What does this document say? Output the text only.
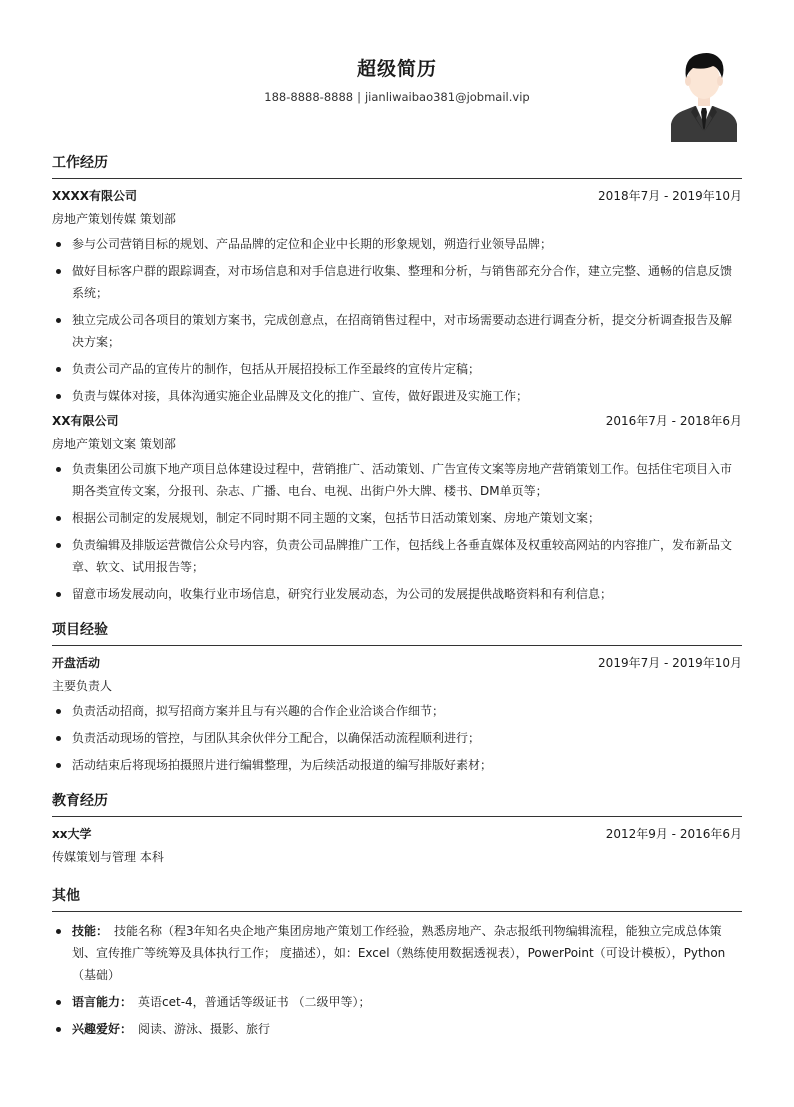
超级简历
188-8888-8888 | jianliwaibao381@jobmail.vip
工作经历
XXXX有限公司	2018年7月 - 2019年10月
房地产策划传媒 策划部
参与公司营销目标的规划、产品品牌的定位和企业中长期的形象规划，朔造行业领导品牌；
做好目标客户群的跟踪调查，对市场信息和对手信息进行收集、整理和分析，与销售部充分合作，建立完整、通畅的信息反馈系统；
独立完成公司各项目的策划方案书，完成创意点，在招商销售过程中，对市场需要动态进行调查分析，提交分析调查报告及解决方案；
负责公司产品的宣传片的制作，包括从开展招投标工作至最终的宣传片定稿；
负责与媒体对接，具体沟通实施企业品牌及文化的推广、宣传，做好跟进及实施工作；
XX有限公司	2016年7月 - 2018年6月
房地产策划文案 策划部
负责集团公司旗下地产项目总体建设过程中，营销推广、活动策划、广告宣传文案等房地产营销策划工作。包括住宅项目入市期各类宣传文案，分报刊、杂志、广播、电台、电视、出街户外大牌、楼书、DM单页等；
根据公司制定的发展规划，制定不同时期不同主题的文案，包括节日活动策划案、房地产策划文案；
负责编辑及排版运营微信公众号内容，负责公司品牌推广工作，包括线上各垂直媒体及权重较高网站的内容推广，发布新品文章、软文、试用报告等；
留意市场发展动向，收集行业市场信息，研究行业发展动态，为公司的发展提供战略资料和有利信息；
项目经验
开盘活动	2019年7月 - 2019年10月
主要负责人
负责活动招商，拟写招商方案并且与有兴趣的合作企业洽谈合作细节；
负责活动现场的管控，与团队其余伙伴分工配合，以确保活动流程顺利进行；
活动结束后将现场拍摄照片进行编辑整理，为后续活动报道的编写排版好素材；
教育经历
xx大学	2012年9月 - 2016年6月
传媒策划与管理 本科
其他
技能： 技能名称（程3年知名央企地产集团房地产策划工作经验，熟悉房地产、杂志报纸刊物编辑流程，能独立完成总体策划、宣传推广等统筹及具体执行工作； 度描述），如：Excel（熟练使用数据透视表），PowerPoint（可设计模板），Python（基础）
语言能力： 英语cet-4，普通话等级证书 （二级甲等）；
兴趣爱好： 阅读、游泳、摄影、旅行
